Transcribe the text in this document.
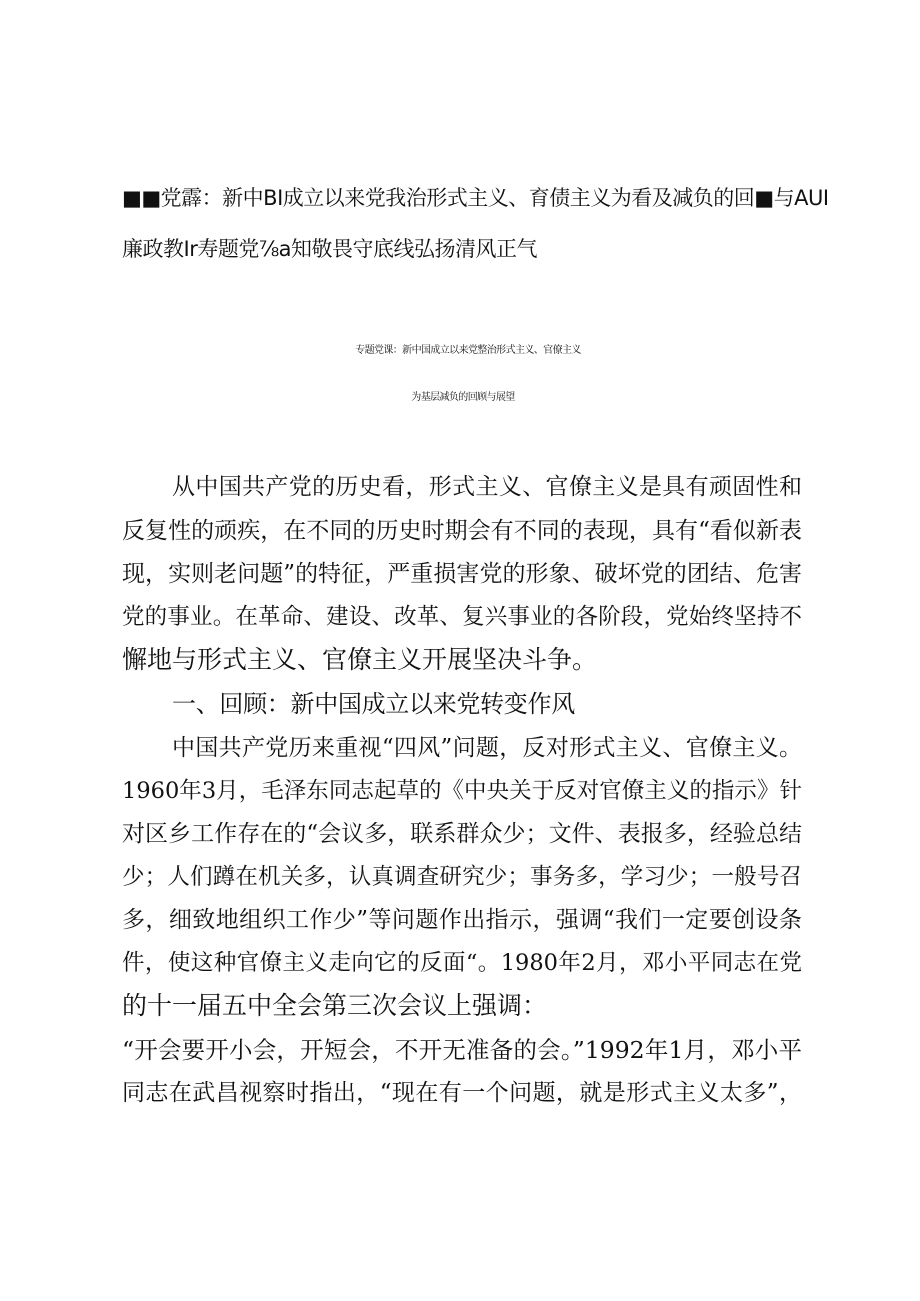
■■党霹：新中BI成立以来党我治形式主义、育债主义为看及减负的回■与AUI
廉政教Ir寿题党⅞a知敬畏守底线弘扬清风正气
专题党课：新中国成立以来党整治形式主义、官僚主义
为基层减负的回顾与展望
从中国共产党的历史看，形式主义、官僚主义是具有顽固性和
反复性的顽疾，在不同的历史时期会有不同的表现，具有“看似新表
现，实则老问题”的特征，严重损害党的形象、破坏党的团结、危害
党的事业。在革命、建设、改革、复兴事业的各阶段，党始终坚持不
懈地与形式主义、官僚主义开展坚决斗争。
一、回顾：新中国成立以来党转变作风
中国共产党历来重视“四风”问题，反对形式主义、官僚主义。
1960年3月，毛泽东同志起草的《中央关于反对官僚主义的指示》针
对区乡工作存在的“会议多，联系群众少；文件、表报多，经验总结
少；人们蹲在机关多，认真调查研究少；事务多，学习少；一般号召
多，细致地组织工作少”等问题作出指示，强调“我们一定要创设条
件，使这种官僚主义走向它的反面“。1980年2月，邓小平同志在党
的十一届五中全会第三次会议上强调：
“开会要开小会，开短会，不开无准备的会。”1992年1月，邓小平
同志在武昌视察时指出，“现在有一个问题，就是形式主义太多”，
